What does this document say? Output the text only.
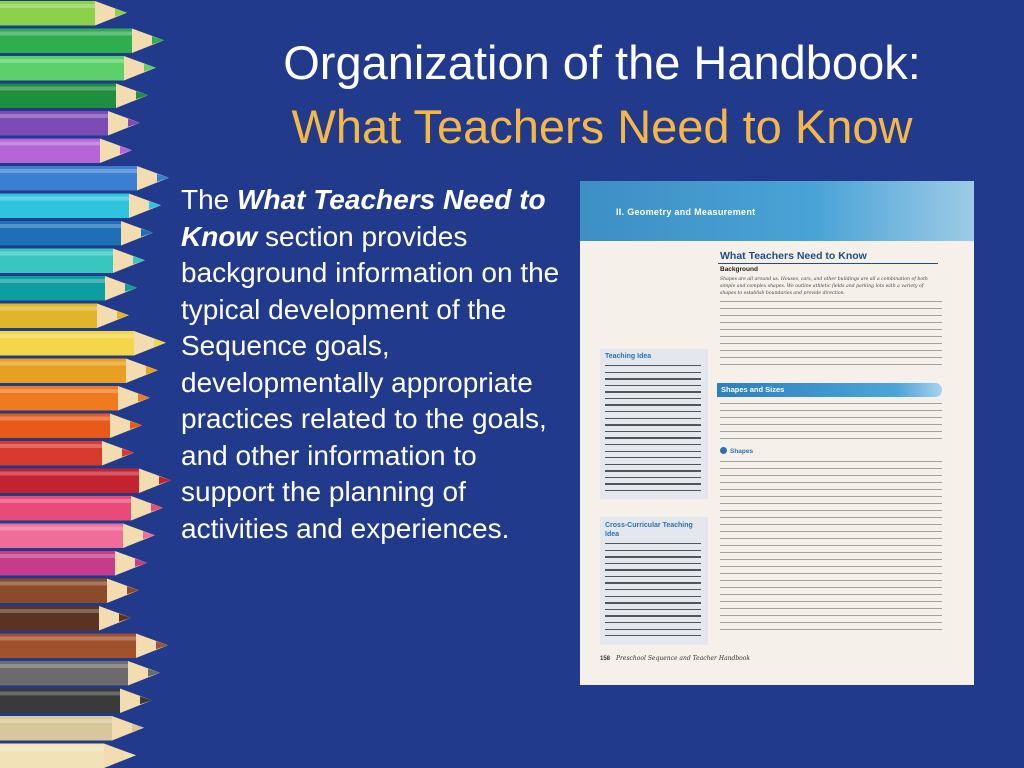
Organization of the Handbook:
What Teachers Need to Know
The What Teachers Need to Know section provides background information on the typical development of the Sequence goals, developmentally appropriate practices related to the goals, and other information to support the planning of activities and experiences.
II. Geometry and Measurement
What Teachers Need to Know
Background
Shapes are all around us. Houses, cars, and other buildings are all a combination of both simple and complex shapes. We outline athletic fields and parking lots with a variety of shapes to establish boundaries and provide direction.
Shapes and Sizes
Shapes
Teaching Idea
Cross-Curricular Teaching Idea
158 Preschool Sequence and Teacher Handbook
